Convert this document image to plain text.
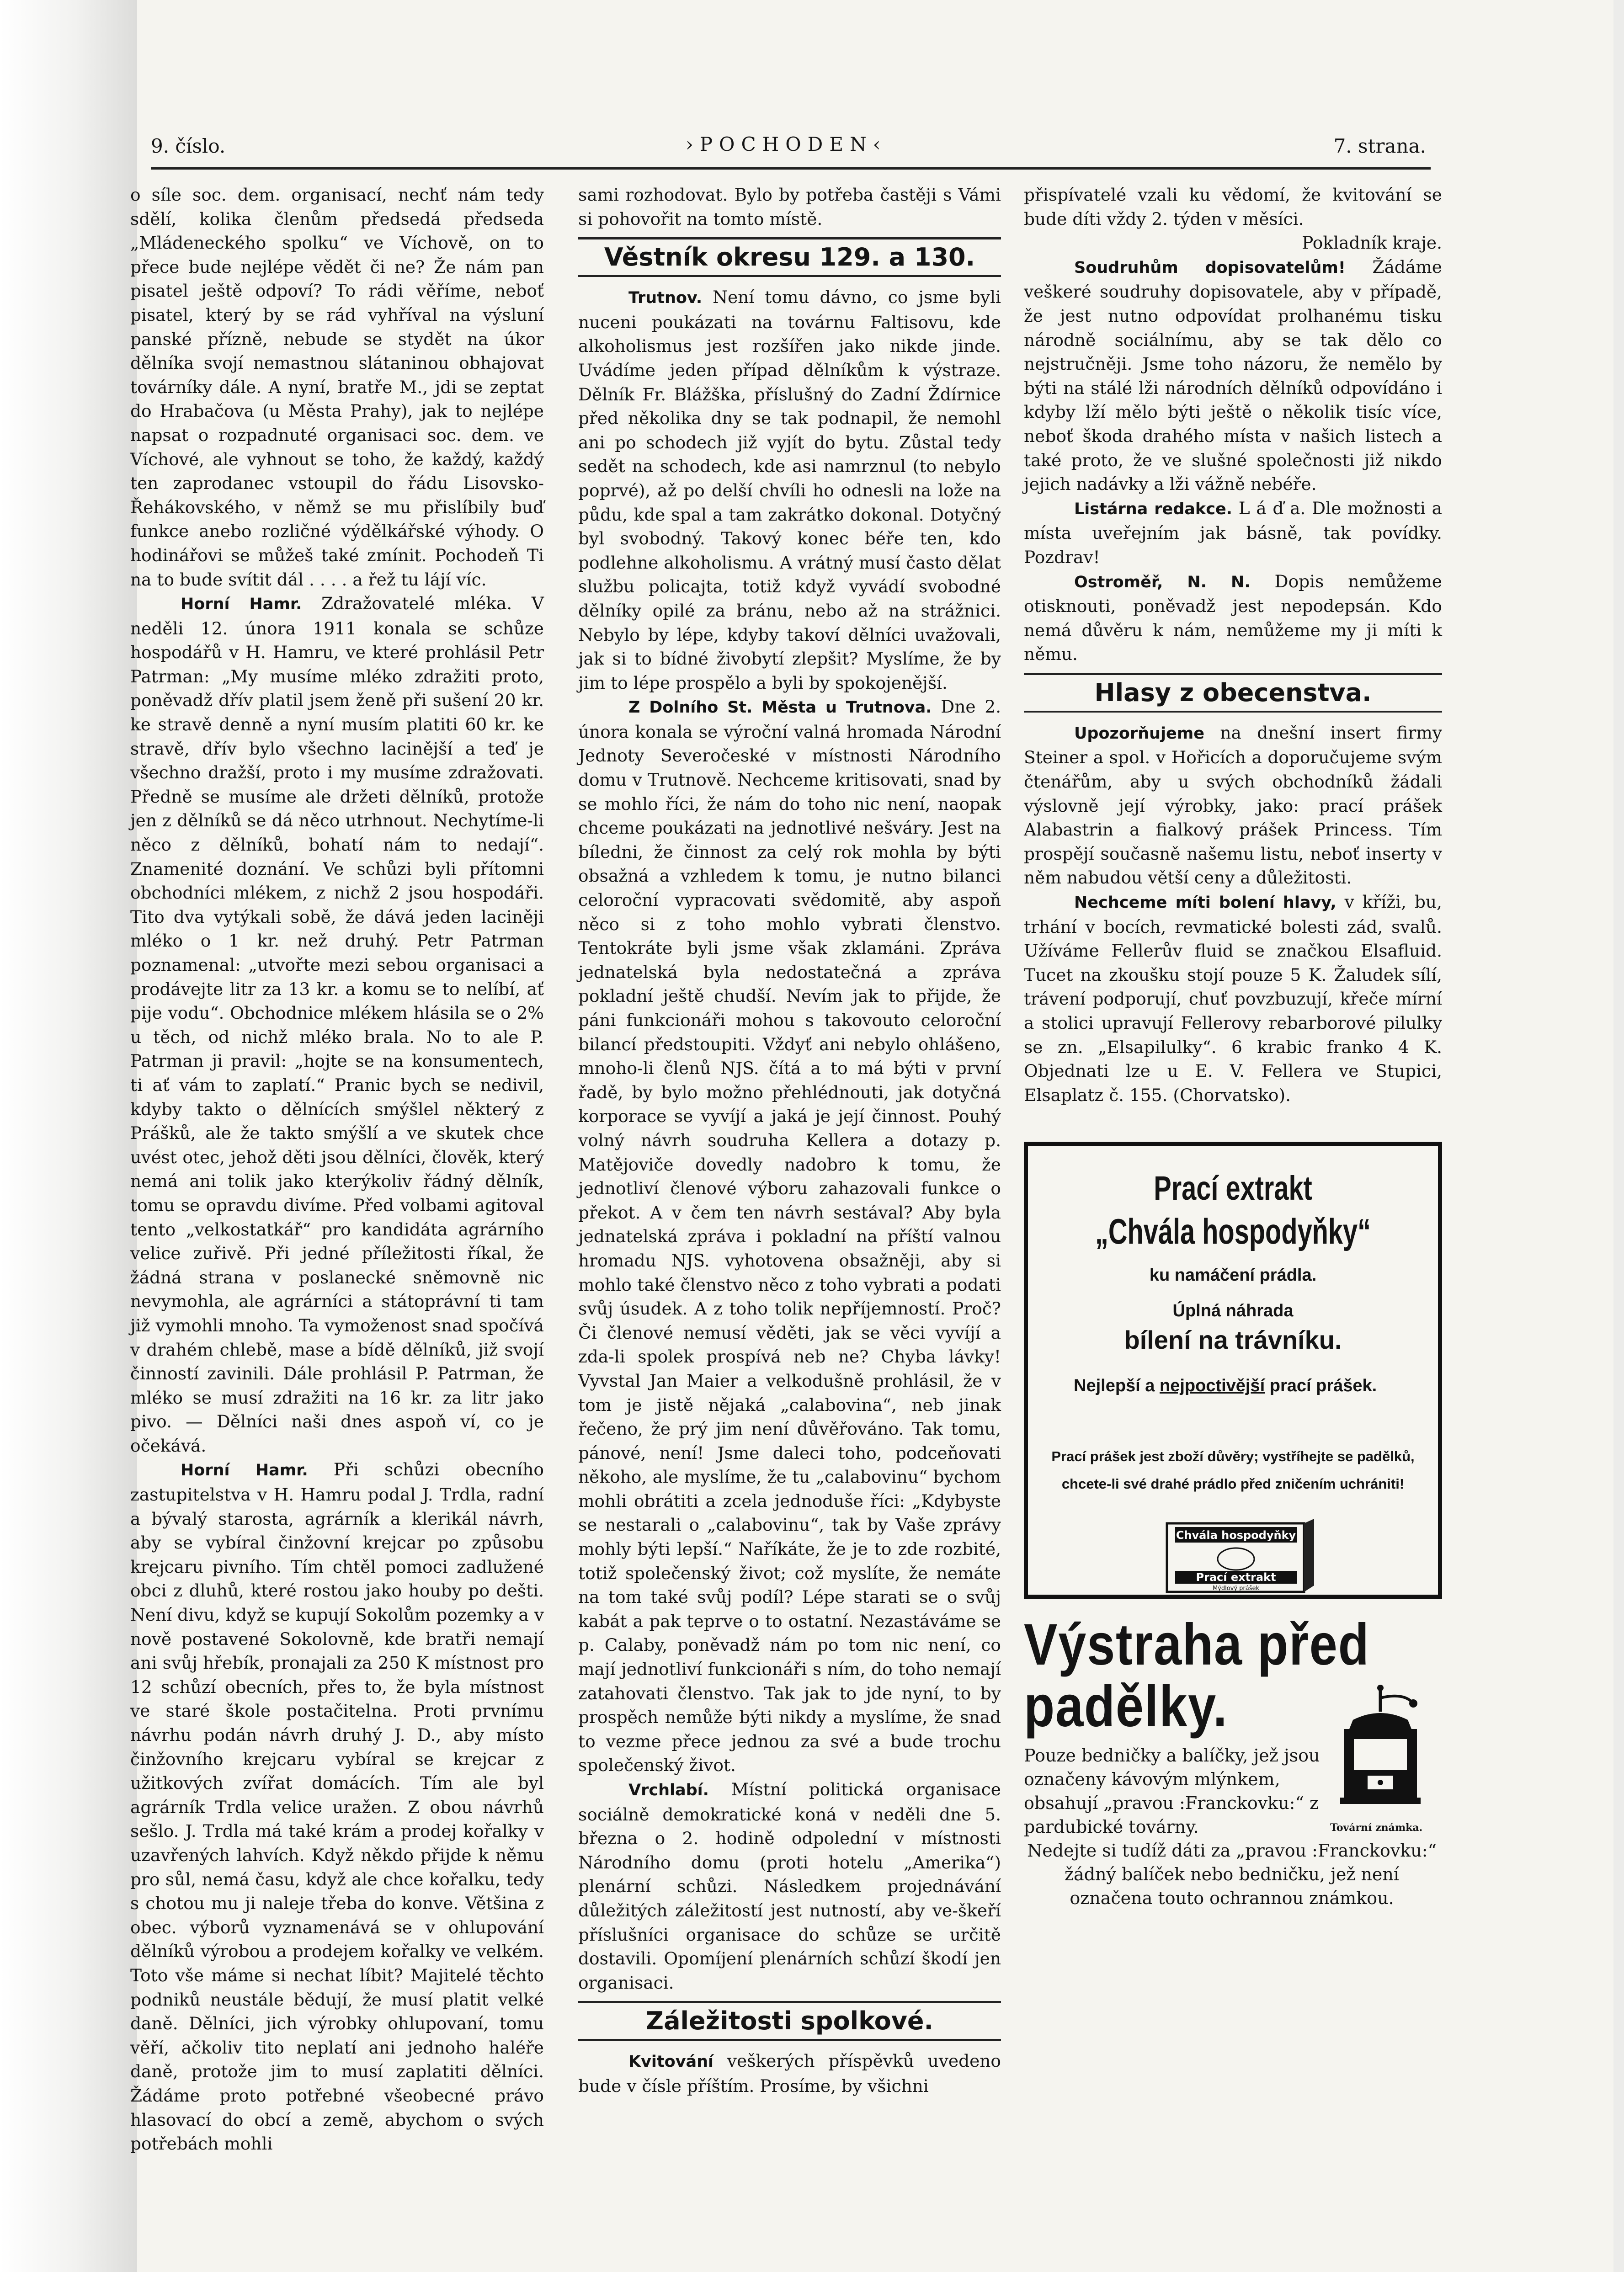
9. číslo.	›POCHODEN‹	7. strana.

o síle soc. dem. organisací, nechť nám tedy sdělí, kolika členům předsedá předseda „Mládeneckého spolku“ ve Víchově, on to přece bude nejlépe vědět či ne? Že nám pan pisatel ještě odpoví? To rádi věříme, neboť pisatel, který by se rád vyhříval na výsluní panské přízně, nebude se stydět na úkor dělníka svojí nemastnou slátaninou obhajovat továrníky dále. A nyní, bratře M., jdi se zeptat do Hrabačova (u Města Prahy), jak to nejlépe napsat o rozpadnuté organisaci soc. dem. ve Víchové, ale vyhnout se toho, že každý, každý ten zaprodanec vstoupil do řádu Lisovsko-Řehákovského, v němž se mu přislíbily buď funkce anebo rozličné výdělkářské výhody. O hodinářovi se můžeš také zmínit. Pochodeň Ti na to bude svítit dál . . . . a řež tu lájí víc.

Horní Hamr. Zdražovatelé mléka. V neděli 12. února 1911 konala se schůze hospodářů v H. Hamru, ve které prohlásil Petr Patrman: „My musíme mléko zdražiti proto, poněvadž dřív platil jsem ženě při sušení 20 kr. ke stravě denně a nyní musím platiti 60 kr. ke stravě, dřív bylo všechno lacinější a teď je všechno dražší, proto i my musíme zdražovati. Předně se musíme ale držeti dělníků, protože jen z dělníků se dá něco utrhnout. Nechytíme-li něco z dělníků, bohatí nám to nedají“. Znamenité doznání. Ve schůzi byli přítomni obchodníci mlékem, z nichž 2 jsou hospodáři. Tito dva vytýkali sobě, že dává jeden laciněji mléko o 1 kr. než druhý. Petr Patrman poznamenal: „utvořte mezi sebou organisaci a prodávejte litr za 13 kr. a komu se to nelíbí, ať pije vodu“. Obchodnice mlékem hlásila se o 2% u těch, od nichž mléko brala. No to ale P. Patrman ji pravil: „hojte se na konsumentech, ti ať vám to zaplatí.“ Pranic bych se nedivil, kdyby takto o dělnících smýšlel některý z Prášků, ale že takto smýšlí a ve skutek chce uvést otec, jehož děti jsou dělníci, člověk, který nemá ani tolik jako kterýkoliv řádný dělník, tomu se opravdu divíme. Před volbami agitoval tento „velkostatkář“ pro kandidáta agrárního velice zuřivě. Při jedné příležitosti říkal, že žádná strana v poslanecké sněmovně nic nevymohla, ale agrárníci a státoprávní ti tam již vymohli mnoho. Ta vymoženost snad spočívá v drahém chlebě, mase a bídě dělníků, již svojí činností zavinili. Dále prohlásil P. Patrman, že mléko se musí zdražiti na 16 kr. za litr jako pivo. — Dělníci naši dnes aspoň ví, co je očekává.

Horní Hamr. Při schůzi obecního zastupitelstva v H. Hamru podal J. Trdla, radní a bývalý starosta, agrárník a klerikál návrh, aby se vybíral činžovní krejcar po způsobu krejcaru pivního. Tím chtěl pomoci zadlužené obci z dluhů, které rostou jako houby po dešti. Není divu, když se kupují Sokolům pozemky a v nově postavené Sokolovně, kde bratři nemají ani svůj hřebík, pronajali za 250 K místnost pro 12 schůzí obecních, přes to, že byla místnost ve staré škole postačitelna. Proti prvnímu návrhu podán návrh druhý J. D., aby místo činžovního krejcaru vybíral se krejcar z užitkových zvířat domácích. Tím ale byl agrárník Trdla velice uražen. Z obou návrhů sešlo. J. Trdla má také krám a prodej kořalky v uzavřených lahvích. Když někdo přijde k němu pro sůl, nemá času, když ale chce kořalku, tedy s chotou mu ji naleje třeba do konve. Většina z obec. výborů vyznamenává se v ohlupování dělníků výrobou a prodejem kořalky ve velkém. Toto vše máme si nechat líbit? Majitelé těchto podniků neustále bědují, že musí platit velké daně. Dělníci, jich výrobky ohlupovaní, tomu věří, ačkoliv tito neplatí ani jednoho haléře daně, protože jim to musí zaplatiti dělníci. Žádáme proto potřebné všeobecné právo hlasovací do obcí a země, abychom o svých potřebách mohli

sami rozhodovat. Bylo by potřeba častěji s Vámi si pohovořit na tomto místě.

Věstník okresu 129. a 130.

Trutnov. Není tomu dávno, co jsme byli nuceni poukázati na továrnu Faltisovu, kde alkoholismus jest rozšířen jako nikde jinde. Uvádíme jeden případ dělníkům k výstraze. Dělník Fr. Blážška, příslušný do Zadní Ždírnice před několika dny se tak podnapil, že nemohl ani po schodech již vyjít do bytu. Zůstal tedy sedět na schodech, kde asi namrznul (to nebylo poprvé), až po delší chvíli ho odnesli na lože na půdu, kde spal a tam zakrátko dokonal. Dotyčný byl svobodný. Takový konec béře ten, kdo podlehne alkoholismu. A vrátný musí často dělat službu policajta, totiž když vyvádí svobodné dělníky opilé za bránu, nebo až na strážnici. Nebylo by lépe, kdyby takoví dělníci uvažovali, jak si to bídné živobytí zlepšit? Myslíme, že by jim to lépe prospělo a byli by spokojenější.

Z Dolního St. Města u Trutnova. Dne 2. února konala se výroční valná hromada Národní Jednoty Severočeské v místnosti Národního domu v Trutnově. Nechceme kritisovati, snad by se mohlo říci, že nám do toho nic není, naopak chceme poukázati na jednotlivé nešváry. Jest na bíledni, že činnost za celý rok mohla by býti obsažná a vzhledem k tomu, je nutno bilanci celoroční vypracovati svědomitě, aby aspoň něco si z toho mohlo vybrati členstvo. Tentokráte byli jsme však zklamáni. Zpráva jednatelská byla nedostatečná a zpráva pokladní ještě chudší. Nevím jak to přijde, že páni funkcionáři mohou s takovouto celoroční bilancí předstoupiti. Vždyť ani nebylo ohlášeno, mnoho-li členů NJS. čítá a to má býti v první řadě, by bylo možno přehlédnouti, jak dotyčná korporace se vyvíjí a jaká je její činnost. Pouhý volný návrh soudruha Kellera a dotazy p. Matějoviče dovedly nadobro k tomu, že jednotliví členové výboru zahazovali funkce o překot. A v čem ten návrh sestával? Aby byla jednatelská zpráva i pokladní na příští valnou hromadu NJS. vyhotovena obsažněji, aby si mohlo také členstvo něco z toho vybrati a podati svůj úsudek. A z toho tolik nepříjemností. Proč? Či členové nemusí věděti, jak se věci vyvíjí a zda-li spolek prospívá neb ne? Chyba lávky! Vyvstal Jan Maier a velkodušně prohlásil, že v tom je jistě nějaká „calabovina“, neb jinak řečeno, že prý jim není důvěřováno. Tak tomu, pánové, není! Jsme daleci toho, podceňovati někoho, ale myslíme, že tu „calabovinu“ bychom mohli obrátiti a zcela jednoduše říci: „Kdybyste se nestarali o „calabovinu“, tak by Vaše zprávy mohly býti lepší.“ Naříkáte, že je to zde rozbité, totiž společenský život; což myslíte, že nemáte na tom také svůj podíl? Lépe starati se o svůj kabát a pak teprve o to ostatní. Nezastáváme se p. Calaby, poněvadž nám po tom nic není, co mají jednotliví funkcionáři s ním, do toho nemají zatahovati členstvo. Tak jak to jde nyní, to by prospěch nemůže býti nikdy a myslíme, že snad to vezme přece jednou za své a bude trochu společenský život.

Vrchlabí. Místní politická organisace sociálně demokratické koná v neděli dne 5. března o 2. hodině odpolední v místnosti Národního domu (proti hotelu „Amerika“) plenární schůzi. Následkem projednávání důležitých záležitostí jest nutností, aby ve-škeří příslušníci organisace do schůze se určitě dostavili. Opomíjení plenárních schůzí škodí jen organisaci.

Záležitosti spolkové.

Kvitování veškerých příspěvků uvedeno bude v čísle příštím. Prosíme, by všichni

přispívatelé vzali ku vědomí, že kvitování se bude díti vždy 2. týden v měsíci.

Pokladník kraje.

Soudruhům dopisovatelům! Žádáme veškeré soudruhy dopisovatele, aby v případě, že jest nutno odpovídat prolhanému tisku národně sociálnímu, aby se tak dělo co nejstručněji. Jsme toho názoru, že nemělo by býti na stálé lži národních dělníků odpovídáno i kdyby lží mělo býti ještě o několik tisíc více, neboť škoda drahého místa v našich listech a také proto, že ve slušné společnosti již nikdo jejich nadávky a lži vážně nebéře.

Listárna redakce. L á ď a. Dle možnosti a místa uveřejním jak básně, tak povídky. Pozdrav!

Ostroměř, N. N. Dopis nemůžeme otisknouti, poněvadž jest nepodepsán. Kdo nemá důvěru k nám, nemůžeme my ji míti k němu.

Hlasy z obecenstva.

Upozorňujeme na dnešní insert firmy Steiner a spol. v Hořicích a doporučujeme svým čtenářům, aby u svých obchodníků žádali výslovně její výrobky, jako: prací prášek Alabastrin a fialkový prášek Princess. Tím prospějí současně našemu listu, neboť inserty v něm nabudou větší ceny a důležitosti.

Nechceme míti bolení hlavy, v kříži, bu, trhání v bocích, revmatické bolesti zád, svalů. Užíváme Fellerův fluid se značkou Elsafluid. Tucet na zkoušku stojí pouze 5 K. Žaludek sílí, trávení podporují, chuť povzbuzují, křeče mírní a stolici upravují Fellerovy rebarborové pilulky se zn. „Elsapilulky“. 6 krabic franko 4 K. Objednati lze u E. V. Fellera ve Stupici, Elsaplatz č. 155. (Chorvatsko).

Prací extrakt
„Chvála hospodyňky“
ku namáčení prádla.
Úplná náhrada
bílení na trávníku.
Nejlepší a nejpoctivější prací prášek.
Prací prášek jest zboží důvěry; vystříhejte se padělků, chcete-li své drahé prádlo před zničením uchrániti!
Chvála hospodyňky
Prací extrakt
Mýdlový prášek
Výstraha před
padělky.
Pouze bedničky a balíčky, jež jsou označeny kávovým mlýnkem, obsahují „pravou :Franckovku:“ z pardubické továrny.	Tovární známka.
Nedejte si tudíž dáti za „pravou :Franckovku:“ žádný balíček nebo bedničku, jež není označena touto ochrannou známkou.
